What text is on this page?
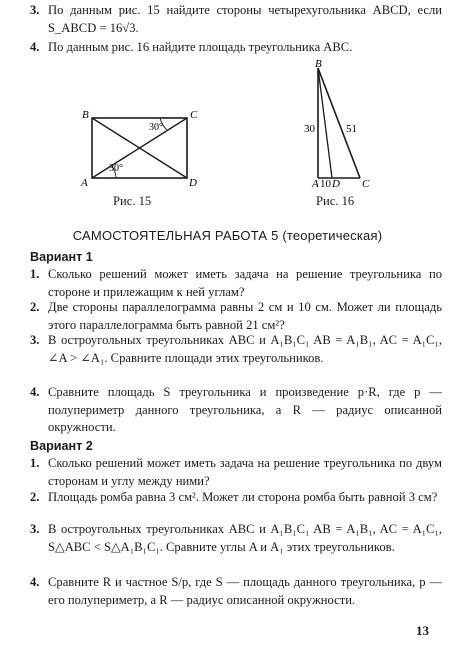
3. По данным рис. 15 найдите стороны четырехугольника ABCD, если S_ABCD = 16√3.
4. По данным рис. 16 найдите площадь треугольника ABC.
B	C
A	D
30°
30°
Рис. 15
B
A D C
30	51
10
Рис. 16
САМОСТОЯТЕЛЬНАЯ РАБОТА 5 (теоретическая)
Вариант 1
1. Сколько решений может иметь задача на решение треугольника по стороне и прилежащим к ней углам?
2. Две стороны параллелограмма равны 2 см и 10 см. Может ли площадь этого параллелограмма быть равной 21 см²?
3. В остроугольных треугольниках ABC и A₁B₁C₁ AB = A₁B₁, AC = A₁C₁, ∠A > ∠A₁. Сравните площади этих треугольников.
4. Сравните площадь S треугольника и произведение p·R, где p — полупериметр данного треугольника, а R — радиус описанной окружности.
Вариант 2
1. Сколько решений может иметь задача на решение треугольника по двум сторонам и углу между ними?
2. Площадь ромба равна 3 см². Может ли сторона ромба быть равной 3 см?
3. В остроугольных треугольниках ABC и A₁B₁C₁ AB = A₁B₁, AC = A₁C₁, S△ABC < S△A₁B₁C₁. Сравните углы A и A₁ этих треугольников.
4. Сравните R и частное S/p, где S — площадь данного треугольника, p — его полупериметр, а R — радиус описанной окружности.
13
